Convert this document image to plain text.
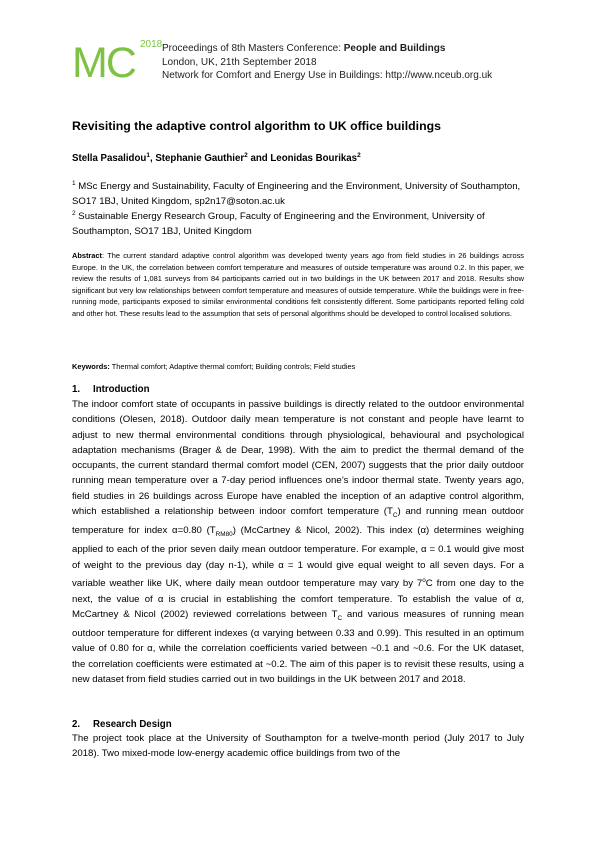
MC 2018 Proceedings of 8th Masters Conference: People and Buildings
London, UK, 21th September 2018
Network for Comfort and Energy Use in Buildings: http://www.nceub.org.uk
Revisiting the adaptive control algorithm to UK office buildings
Stella Pasalidou$^1$, Stephanie Gauthier$^2$ and Leonidas Bourikas$^2$
$^1$ MSc Energy and Sustainability, Faculty of Engineering and the Environment, University of Southampton, SO17 1BJ, United Kingdom, sp2n17@soton.ac.uk
$^2$ Sustainable Energy Research Group, Faculty of Engineering and the Environment, University of Southampton, SO17 1BJ, United Kingdom
Abstract: The current standard adaptive control algorithm was developed twenty years ago from field studies in 26 buildings across Europe. In the UK, the correlation between comfort temperature and measures of outside temperature was around 0.2. In this paper, we review the results of 1,081 surveys from 84 participants carried out in two buildings in the UK between 2017 and 2018. Results show significant but very low relationships between comfort temperature and measures of outside temperature. While the buildings were in free-running mode, participants exposed to similar environmental conditions felt consistently different. Some participants reported felling cold and other hot. These results lead to the assumption that sets of personal algorithms should be developed to control localised solutions.
Keywords: Thermal comfort; Adaptive thermal comfort; Building controls; Field studies
1. Introduction
The indoor comfort state of occupants in passive buildings is directly related to the outdoor environmental conditions (Olesen, 2018). Outdoor daily mean temperature is not constant and people have learnt to adjust to new thermal environmental conditions through physiological, behavioural and psychological adaptation mechanisms (Brager & de Dear, 1998). With the aim to predict the thermal demand of the occupants, the current standard thermal comfort model (CEN, 2007) suggests that the prior daily outdoor running mean temperature over a 7-day period influences one’s indoor thermal state. Twenty years ago, field studies in 26 buildings across Europe have enabled the inception of an adaptive control algorithm, which established a relationship between indoor comfort temperature $(T_C)$ and running mean outdoor temperature for index α=0.80 $(T_{RM80})$ (McCartney & Nicol, 2002). This index (α) determines weighing applied to each of the prior seven daily mean outdoor temperature. For example, α = 0.1 would give most of weight to the previous day (day n-1), while α = 1 would give equal weight to all seven days. For a variable weather like UK, where daily mean outdoor temperature may vary by 7$^o$C from one day to the next, the value of α is crucial in establishing the comfort temperature. To establish the value of α, McCartney & Nicol (2002) reviewed correlations between $T_C$ and various measures of running mean outdoor temperature for different indexes (α varying between 0.33 and 0.99). This resulted in an optimum value of 0.80 for α, while the correlation coefficients varied between ~0.1 and ~0.6. For the UK dataset, the correlation coefficients were estimated at ~0.2. The aim of this paper is to revisit these results, using a new dataset from field studies carried out in two buildings in the UK between 2017 and 2018.
2. Research Design
The project took place at the University of Southampton for a twelve-month period (July 2017 to July 2018). Two mixed-mode low-energy academic office buildings from two of the
